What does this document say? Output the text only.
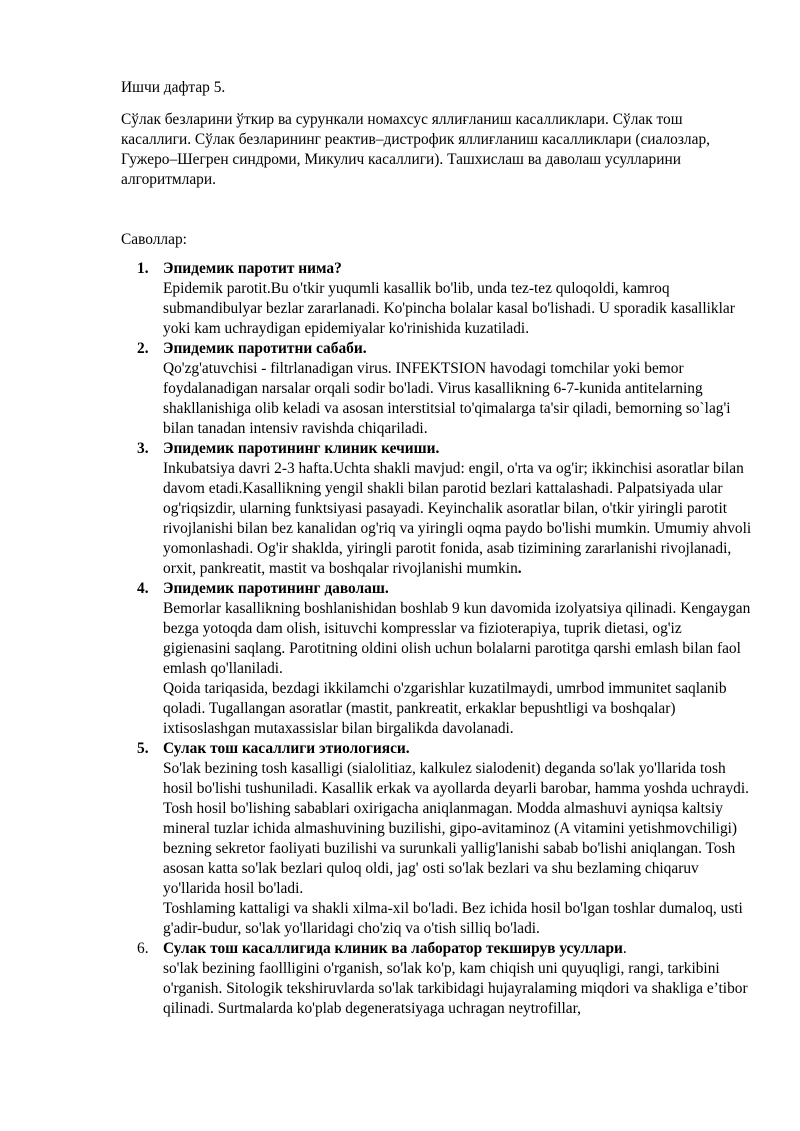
Ишчи дафтар 5.

Сўлак безларини ўткир ва сурункали номахсус яллиғланиш касалликлари. Сўлак тош касаллиги. Сўлак безларининг реактив–дистрофик яллиғланиш касалликлари (сиалозлар, Гужеро–Шегрен синдроми, Микулич касаллиги). Ташхислаш ва даволаш усулларини алгоритмлари.

Саволлар:

1. Эпидемик паротит нима?
Epidemik parotit.Bu o'tkir yuqumli kasallik bo'lib, unda tez-tez quloqoldi, kamroq submandibulyar bezlar zararlanadi. Ko'pincha bolalar kasal bo'lishadi. U sporadik kasalliklar yoki kam uchraydigan epidemiyalar ko'rinishida kuzatiladi.
2. Эпидемик паротитни сабаби.
Qo'zg'atuvchisi - filtrlanadigan virus. INFEKTSION havodagi tomchilar yoki bemor foydalanadigan narsalar orqali sodir bo'ladi. Virus kasallikning 6-7-kunida antitelarning shakllanishiga olib keladi va asosan interstitsial to'qimalarga ta'sir qiladi, bemorning so`lag'i bilan tanadan intensiv ravishda chiqariladi.
3. Эпидемик паротининг клиник кечиши.
Inkubatsiya davri 2-3 hafta.Uchta shakli mavjud: engil, o'rta va og'ir; ikkinchisi asoratlar bilan davom etadi.Kasallikning yengil shakli bilan parotid bezlari kattalashadi. Palpatsiyada ular og'riqsizdir, ularning funktsiyasi pasayadi. Keyinchalik asoratlar bilan, o'tkir yiringli parotit rivojlanishi bilan bez kanalidan og'riq va yiringli oqma paydo bo'lishi mumkin. Umumiy ahvoli yomonlashadi. Og'ir shaklda, yiringli parotit fonida, asab tizimining zararlanishi rivojlanadi, orxit, pankreatit, mastit va boshqalar rivojlanishi mumkin.
4. Эпидемик паротининг даволаш.
Bemorlar kasallikning boshlanishidan boshlab 9 kun davomida izolyatsiya qilinadi. Kengaygan bezga yotoqda dam olish, isituvchi kompresslar va fizioterapiya, tuprik dietasi, og'iz gigienasini saqlang. Parotitning oldini olish uchun bolalarni parotitga qarshi emlash bilan faol emlash qo'llaniladi.
Qoida tariqasida, bezdagi ikkilamchi o'zgarishlar kuzatilmaydi, umrbod immunitet saqlanib qoladi. Tugallangan asoratlar (mastit, pankreatit, erkaklar bepushtligi va boshqalar) ixtisoslashgan mutaxassislar bilan birgalikda davolanadi.
5. Сулак тош касаллиги этиологияси.
So'lak bezining tosh kasalligi (sialolitiaz, kalkulez sialodenit) deganda so'lak yo'llarida tosh hosil bo'lishi tushuniladi. Kasallik erkak va ayollarda deyarli barobar, hamma yoshda uchraydi. Tosh hosil bo'lishing sabablari oxirigacha aniqlanmagan. Modda almashuvi ayniqsa kaltsiy mineral tuzlar ichida almashuvining buzilishi, gipo-avitaminoz (A vitamini yetishmovchiligi) bezning sekretor faoliyati buzilishi va surunkali yallig'lanishi sabab bo'lishi aniqlangan. Tosh asosan katta so'lak bezlari quloq oldi, jag' osti so'lak bezlari va shu bezlaming chiqaruv yo'llarida hosil bo'ladi.
Toshlaming kattaligi va shakli xilma-xil bo'ladi. Bez ichida hosil bo'lgan toshlar dumaloq, usti g'adir-budur, so'lak yo'llaridagi cho'ziq va o'tish silliq bo'ladi.
6. Сулак тош касаллигида клиник ва лаборатор текширув усуллари.
so'lak bezining faollligini o'rganish, so'lak ko'p, kam chiqish uni quyuqligi, rangi, tarkibini o'rganish. Sitologik tekshiruvlarda so'lak tarkibidagi hujayralaming miqdori va shakliga e’tibor qilinadi. Surtmalarda ko'plab degeneratsiyaga uchragan neytrofillar,
